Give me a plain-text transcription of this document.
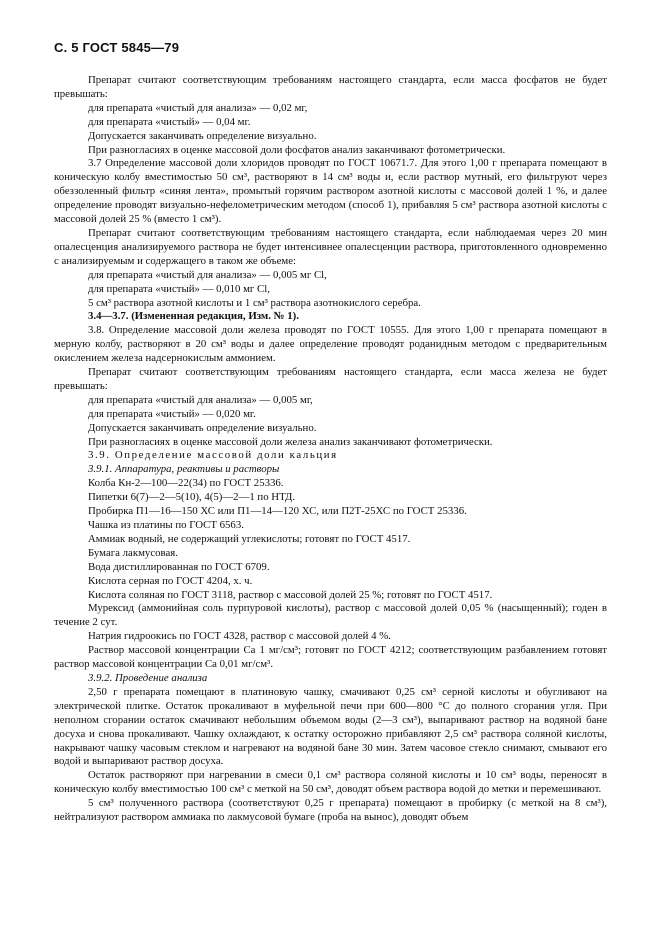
С. 5 ГОСТ 5845—79

Препарат считают соответствующим требованиям настоящего стандарта, если масса фосфатов не будет превышать:

для препарата «чистый для анализа» — 0,02 мг,

для препарата «чистый» — 0,04 мг.

Допускается заканчивать определение визуально.

При разногласиях в оценке массовой доли фосфатов анализ заканчивают фотометрически.

3.7 Определение массовой доли хлоридов проводят по ГОСТ 10671.7. Для этого 1,00 г препарата помещают в коническую колбу вместимостью 50 см³, растворяют в 14 см³ воды и, если раствор мутный, его фильтруют через обеззоленный фильтр «синяя лента», промытый горячим раствором азотной кислоты с массовой долей 1 %, и далее определение проводят визуально-нефелометрическим методом (способ 1), прибавляя 5 см³ раствора азотной кислоты с массовой долей 25 % (вместо 1 см³).

Препарат считают соответствующим требованиям настоящего стандарта, если наблюдаемая через 20 мин опалесценция анализируемого раствора не будет интенсивнее опалесценции раствора, приготовленного одновременно с анализируемым и содержащего в таком же объеме:

для препарата «чистый для анализа» — 0,005 мг Cl,

для препарата «чистый» — 0,010 мг Cl,

5 см³ раствора азотной кислоты и 1 см³ раствора азотнокислого серебра.

3.4—3.7. (Измененная редакция, Изм. № 1).

3.8. Определение массовой доли железа проводят по ГОСТ 10555. Для этого 1,00 г препарата помещают в мерную колбу, растворяют в 20 см³ воды и далее определение проводят роданидным методом с предварительным окислением железа надсернокислым аммонием.

Препарат считают соответствующим требованиям настоящего стандарта, если масса железа не будет превышать:

для препарата «чистый для анализа» — 0,005 мг,

для препарата «чистый» — 0,020 мг.

Допускается заканчивать определение визуально.

При разногласиях в оценке массовой доли железа анализ заканчивают фотометрически.

3.9. Определение массовой доли кальция

3.9.1. Аппаратура, реактивы и растворы

Колба Кн-2—100—22(34) по ГОСТ 25336.

Пипетки 6(7)—2—5(10), 4(5)—2—1 по НТД.

Пробирка П1—16—150 ХС или П1—14—120 ХС, или П2Т-25ХС по ГОСТ 25336.

Чашка из платины по ГОСТ 6563.

Аммиак водный, не содержащий углекислоты; готовят по ГОСТ 4517.

Бумага лакмусовая.

Вода дистиллированная по ГОСТ 6709.

Кислота серная по ГОСТ 4204, х. ч.

Кислота соляная по ГОСТ 3118, раствор с массовой долей 25 %; готовят по ГОСТ 4517.

Мурексид (аммонийная соль пурпуровой кислоты), раствор с массовой долей 0,05 % (насыщенный); годен в течение 2 сут.

Натрия гидроокись по ГОСТ 4328, раствор с массовой долей 4 %.

Раствор массовой концентрации Са 1 мг/см³; готовят по ГОСТ 4212; соответствующим разбавлением готовят раствор массовой концентрации Са 0,01 мг/см³.

3.9.2. Проведение анализа

2,50 г препарата помещают в платиновую чашку, смачивают 0,25 см³ серной кислоты и обугливают на электрической плитке. Остаток прокаливают в муфельной печи при 600—800 °С до полного сгорания угля. При неполном сгорании остаток смачивают небольшим объемом воды (2—3 см³), выпаривают раствор на водяной бане досуха и снова прокаливают. Чашку охлаждают, к остатку осторожно прибавляют 2,5 см³ раствора соляной кислоты, накрывают чашку часовым стеклом и нагревают на водяной бане 30 мин. Затем часовое стекло снимают, смывают его водой и выпаривают раствор досуха.

Остаток растворяют при нагревании в смеси 0,1 см³ раствора соляной кислоты и 10 см³ воды, переносят в коническую колбу вместимостью 100 см³ с меткой на 50 см³, доводят объем раствора водой до метки и перемешивают.

5 см³ полученного раствора (соответствуют 0,25 г препарата) помещают в пробирку (с меткой на 8 см³), нейтрализуют раствором аммиака по лакмусовой бумаге (проба на вынос), доводят объем
